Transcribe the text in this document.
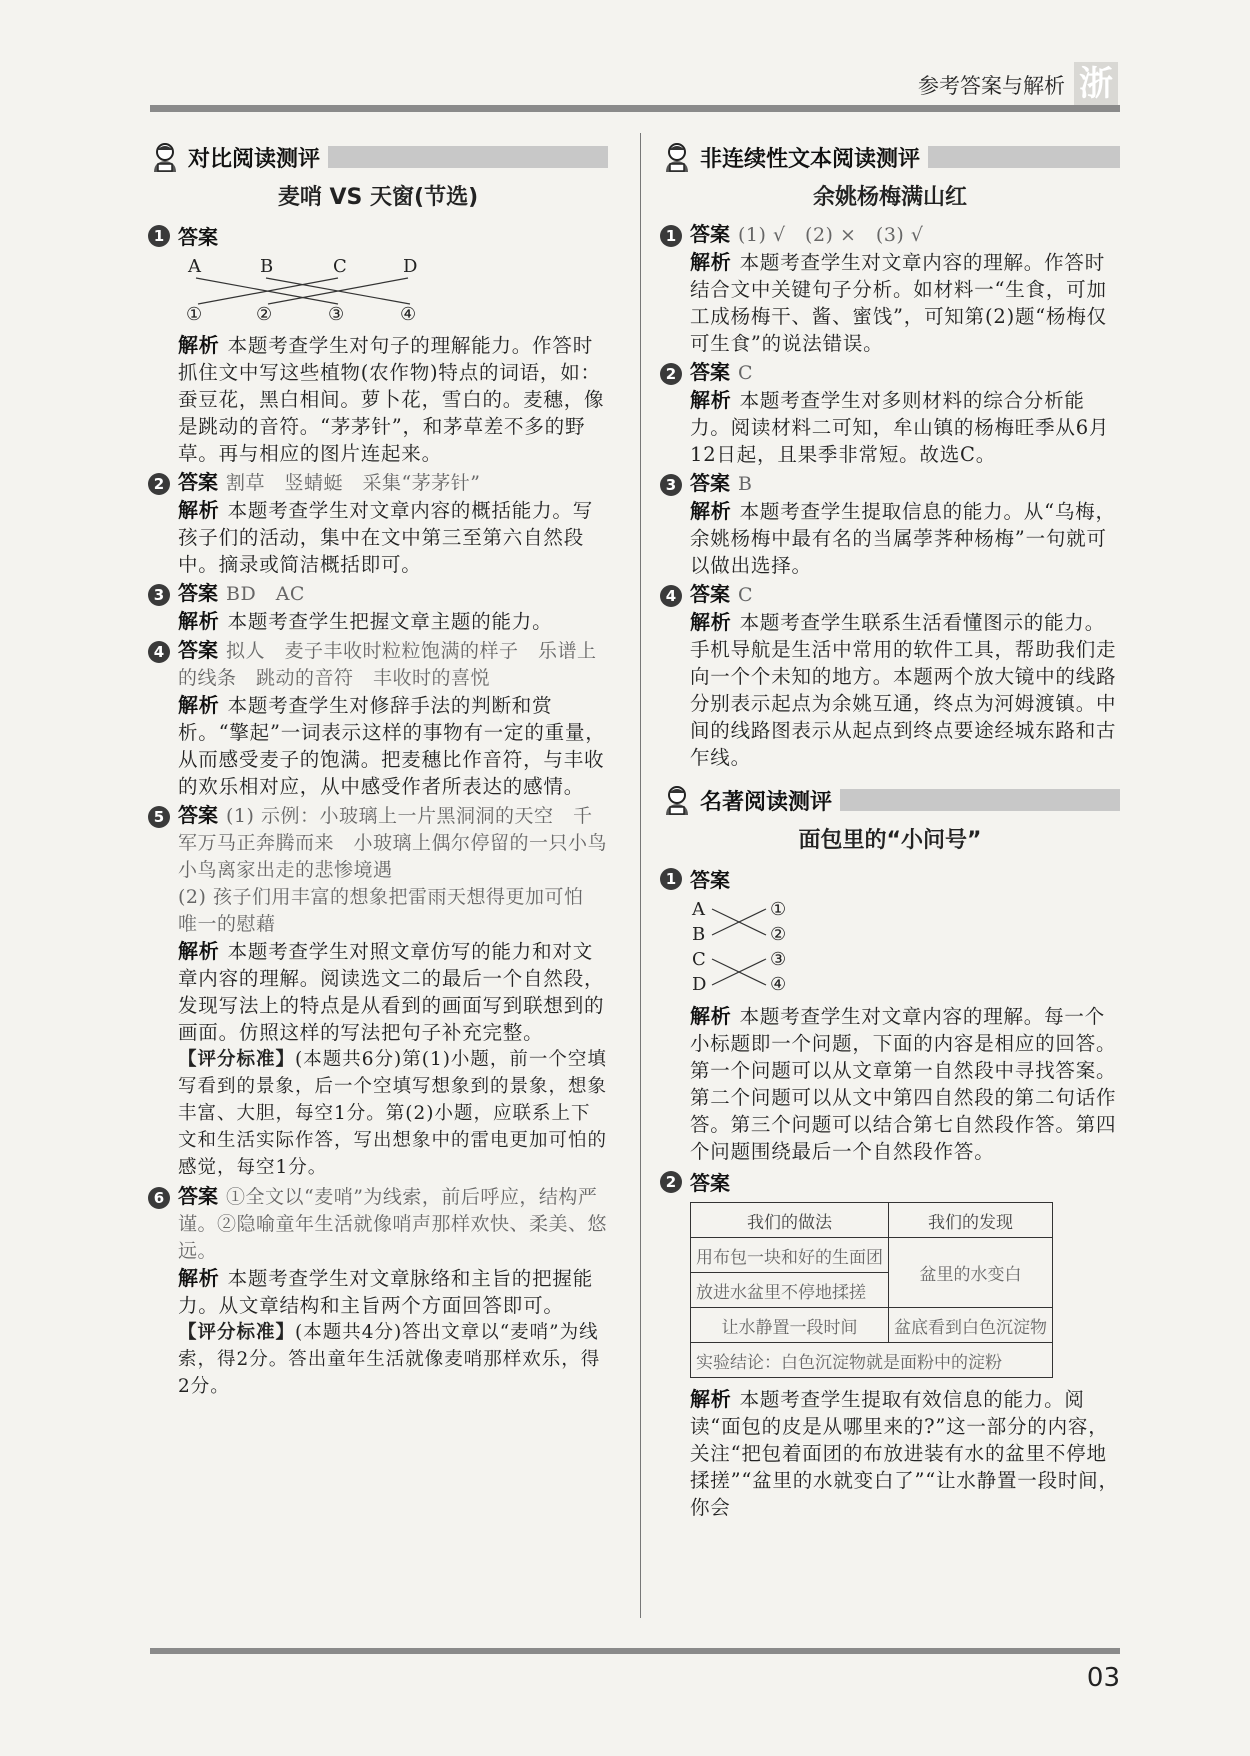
参考答案与解析 浙
对比阅读测评
麦哨 VS 天窗(节选)
1 答案
A	B	C	D
①	②	③	④
解析 本题考查学生对句子的理解能力。作答时抓住文中写这些植物(农作物)特点的词语，如：蚕豆花，黑白相间。萝卜花，雪白的。麦穗，像是跳动的音符。“茅茅针”，和茅草差不多的野草。再与相应的图片连起来。
2 答案 割草　竖蜻蜓　采集“茅茅针”
解析 本题考查学生对文章内容的概括能力。写孩子们的活动，集中在文中第三至第六自然段中。摘录或简洁概括即可。
3 答案 BD　AC
解析 本题考查学生把握文章主题的能力。
4 答案 拟人　麦子丰收时粒粒饱满的样子　乐谱上的线条　跳动的音符　丰收时的喜悦
解析 本题考查学生对修辞手法的判断和赏析。“擎起”一词表示这样的事物有一定的重量，从而感受麦子的饱满。把麦穗比作音符，与丰收的欢乐相对应，从中感受作者所表达的感情。
5 答案 (1) 示例：小玻璃上一片黑洞洞的天空　千军万马正奔腾而来　小玻璃上偶尔停留的一只小鸟　小鸟离家出走的悲惨境遇
(2) 孩子们用丰富的想象把雷雨天想得更加可怕　唯一的慰藉
解析 本题考查学生对照文章仿写的能力和对文章内容的理解。阅读选文二的最后一个自然段，发现写法上的特点是从看到的画面写到联想到的画面。仿照这样的写法把句子补充完整。
【评分标准】(本题共6分)第(1)小题，前一个空填写看到的景象，后一个空填写想象到的景象，想象丰富、大胆，每空1分。第(2)小题，应联系上下文和生活实际作答，写出想象中的雷电更加可怕的感觉，每空1分。
6 答案 ①全文以“麦哨”为线索，前后呼应，结构严谨。②隐喻童年生活就像哨声那样欢快、柔美、悠远。
解析 本题考查学生对文章脉络和主旨的把握能力。从文章结构和主旨两个方面回答即可。
【评分标准】(本题共4分)答出文章以“麦哨”为线索，得2分。答出童年生活就像麦哨那样欢乐，得2分。
非连续性文本阅读测评
余姚杨梅满山红
1 答案 (1) √　(2) ×　(3) √
解析 本题考查学生对文章内容的理解。作答时结合文中关键句子分析。如材料一“生食，可加工成杨梅干、酱、蜜饯”，可知第(2)题“杨梅仅可生食”的说法错误。
2 答案 C
解析 本题考查学生对多则材料的综合分析能力。阅读材料二可知，牟山镇的杨梅旺季从6月12日起，且果季非常短。故选C。
3 答案 B
解析 本题考查学生提取信息的能力。从“乌梅，余姚杨梅中最有名的当属荸荠种杨梅”一句就可以做出选择。
4 答案 C
解析 本题考查学生联系生活看懂图示的能力。手机导航是生活中常用的软件工具，帮助我们走向一个个未知的地方。本题两个放大镜中的线路分别表示起点为余姚互通，终点为河姆渡镇。中间的线路图表示从起点到终点要途经城东路和古乍线。
名著阅读测评
面包里的“小问号”
1 答案
A
B
C
D
①
②
③
④
解析 本题考查学生对文章内容的理解。每一个小标题即一个问题，下面的内容是相应的回答。第一个问题可以从文章第一自然段中寻找答案。第二个问题可以从文中第四自然段的第二句话作答。第三个问题可以结合第七自然段作答。第四个问题围绕最后一个自然段作答。
2 答案
我们的做法	我们的发现
用布包一块和好的生面团	盆里的水变白
放进水盆里不停地揉搓	
让水静置一段时间	盆底看到白色沉淀物
实验结论：白色沉淀物就是面粉中的淀粉	
解析 本题考查学生提取有效信息的能力。阅读“面包的皮是从哪里来的?”这一部分的内容，关注“把包着面团的布放进装有水的盆里不停地揉搓”“盆里的水就变白了”“让水静置一段时间，你会
03
